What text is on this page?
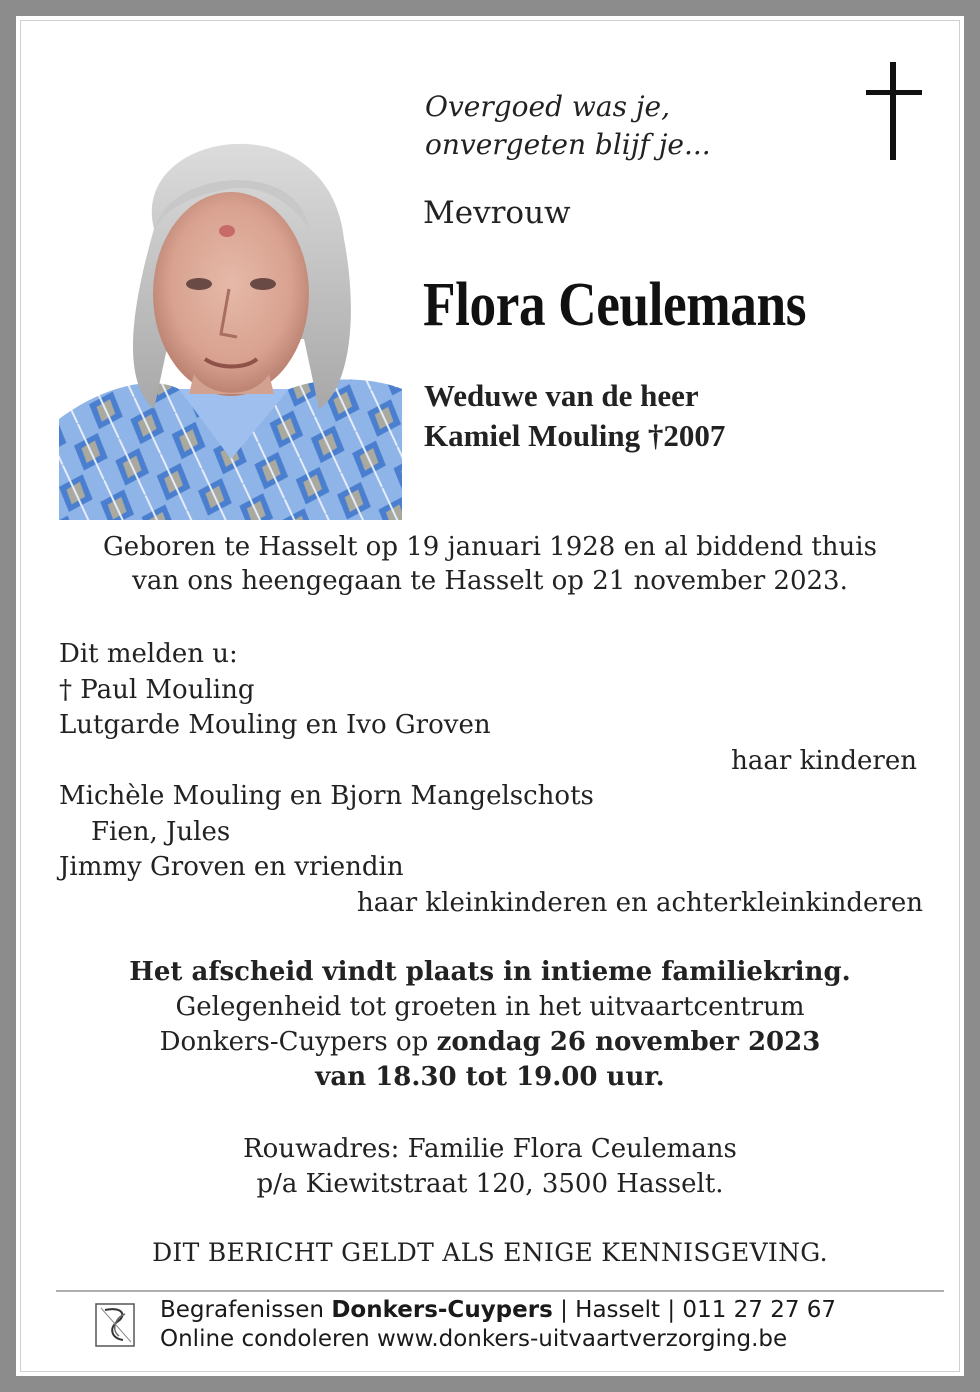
Overgoed was je,
onvergeten blijf je...
Mevrouw
Flora Ceulemans
Weduwe van de heer
Kamiel Mouling †2007
Geboren te Hasselt op 19 januari 1928 en al biddend thuis
van ons heengegaan te Hasselt op 21 november 2023.
Dit melden u:
† Paul Mouling
Lutgarde Mouling en Ivo Groven
haar kinderen
Michèle Mouling en Bjorn Mangelschots
Fien, Jules
Jimmy Groven en vriendin
haar kleinkinderen en achterkleinkinderen
Het afscheid vindt plaats in intieme familiekring.
Gelegenheid tot groeten in het uitvaartcentrum
Donkers-Cuypers op zondag 26 november 2023
van 18.30 tot 19.00 uur.
Rouwadres: Familie Flora Ceulemans
p/a Kiewitstraat 120, 3500 Hasselt.
DIT BERICHT GELDT ALS ENIGE KENNISGEVING.
Begrafenissen Donkers-Cuypers | Hasselt | 011 27 27 67
Online condoleren www.donkers-uitvaartverzorging.be
